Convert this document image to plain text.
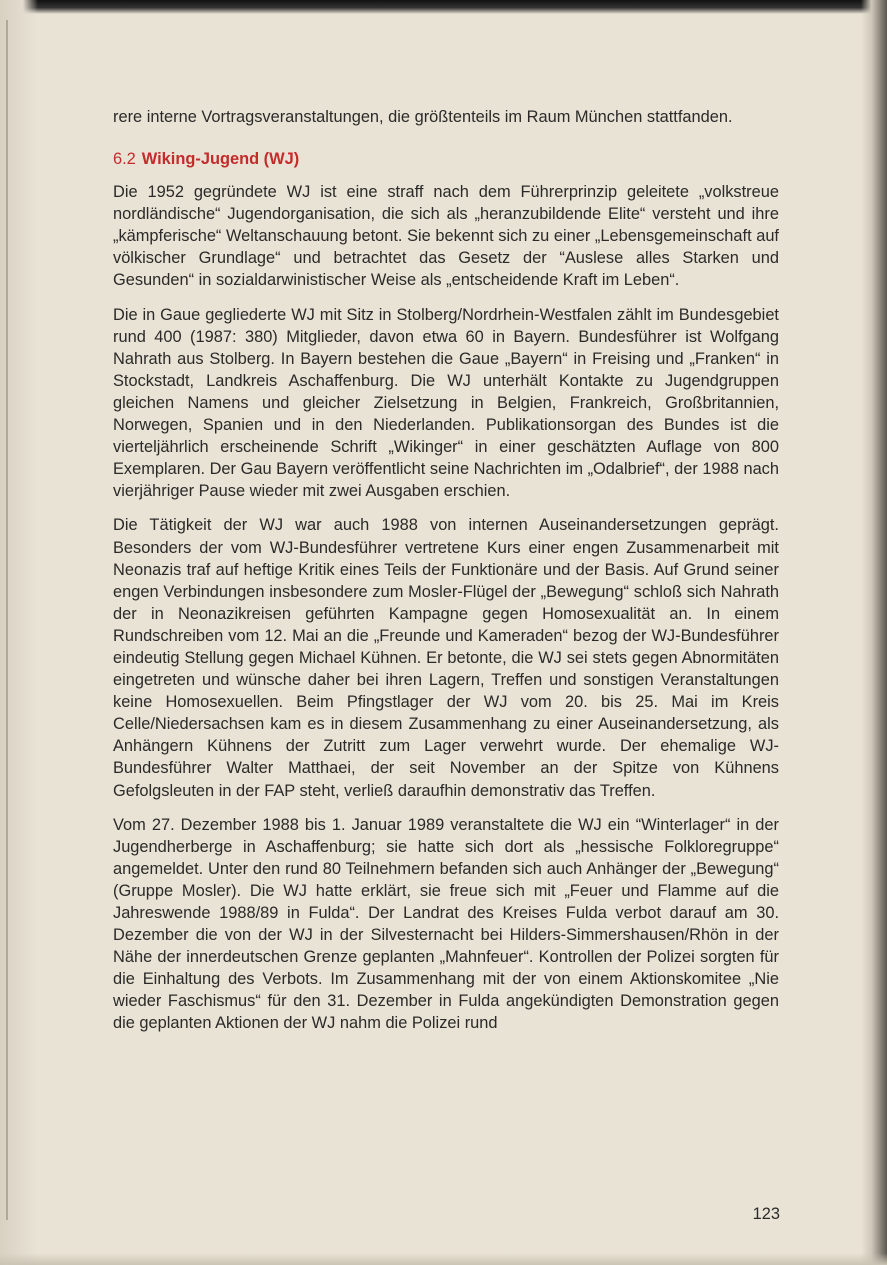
rere interne Vortragsveranstaltungen, die größtenteils im Raum München stattfanden.

6.2 Wiking-Jugend (WJ)

Die 1952 gegründete WJ ist eine straff nach dem Führerprinzip geleitete „volkstreue nordländische“ Jugendorganisation, die sich als „heranzubildende Elite“ versteht und ihre „kämpferische“ Weltanschauung betont. Sie bekennt sich zu einer „Lebensgemeinschaft auf völkischer Grundlage“ und betrachtet das Gesetz der “Auslese alles Starken und Gesunden“ in sozialdarwinistischer Weise als „entscheidende Kraft im Leben“.

Die in Gaue gegliederte WJ mit Sitz in Stolberg/Nordrhein-Westfalen zählt im Bundesgebiet rund 400 (1987: 380) Mitglieder, davon etwa 60 in Bayern. Bundesführer ist Wolfgang Nahrath aus Stolberg. In Bayern bestehen die Gaue „Bayern“ in Freising und „Franken“ in Stockstadt, Landkreis Aschaffenburg. Die WJ unterhält Kontakte zu Jugendgruppen gleichen Namens und gleicher Zielsetzung in Belgien, Frankreich, Großbritannien, Norwegen, Spanien und in den Niederlanden. Publikationsorgan des Bundes ist die vierteljährlich erscheinende Schrift „Wikinger“ in einer geschätzten Auflage von 800 Exemplaren. Der Gau Bayern veröffentlicht seine Nachrichten im „Odalbrief“, der 1988 nach vierjähriger Pause wieder mit zwei Ausgaben erschien.

Die Tätigkeit der WJ war auch 1988 von internen Auseinandersetzungen geprägt. Besonders der vom WJ-Bundesführer vertretene Kurs einer engen Zusammenarbeit mit Neonazis traf auf heftige Kritik eines Teils der Funktionäre und der Basis. Auf Grund seiner engen Verbindungen insbesondere zum Mosler-Flügel der „Bewegung“ schloß sich Nahrath der in Neonazikreisen geführten Kampagne gegen Homosexualität an. In einem Rundschreiben vom 12. Mai an die „Freunde und Kameraden“ bezog der WJ-Bundesführer eindeutig Stellung gegen Michael Kühnen. Er betonte, die WJ sei stets gegen Abnormitäten eingetreten und wünsche daher bei ihren Lagern, Treffen und sonstigen Veranstaltungen keine Homosexuellen. Beim Pfingstlager der WJ vom 20. bis 25. Mai im Kreis Celle/Niedersachsen kam es in diesem Zusammenhang zu einer Auseinandersetzung, als Anhängern Kühnens der Zutritt zum Lager verwehrt wurde. Der ehemalige WJ-Bundesführer Walter Matthaei, der seit November an der Spitze von Kühnens Gefolgsleuten in der FAP steht, verließ daraufhin demonstrativ das Treffen.

Vom 27. Dezember 1988 bis 1. Januar 1989 veranstaltete die WJ ein “Winterlager“ in der Jugendherberge in Aschaffenburg; sie hatte sich dort als „hessische Folkloregruppe“ angemeldet. Unter den rund 80 Teilnehmern befanden sich auch Anhänger der „Bewegung“ (Gruppe Mosler). Die WJ hatte erklärt, sie freue sich mit „Feuer und Flamme auf die Jahreswende 1988/89 in Fulda“. Der Landrat des Kreises Fulda verbot darauf am 30. Dezember die von der WJ in der Silvesternacht bei Hilders-Simmershausen/Rhön in der Nähe der innerdeutschen Grenze geplanten „Mahnfeuer“. Kontrollen der Polizei sorgten für die Einhaltung des Verbots. Im Zusammenhang mit der von einem Aktionskomitee „Nie wieder Faschismus“ für den 31. Dezember in Fulda angekündigten Demonstration gegen die geplanten Aktionen der WJ nahm die Polizei rund

123
